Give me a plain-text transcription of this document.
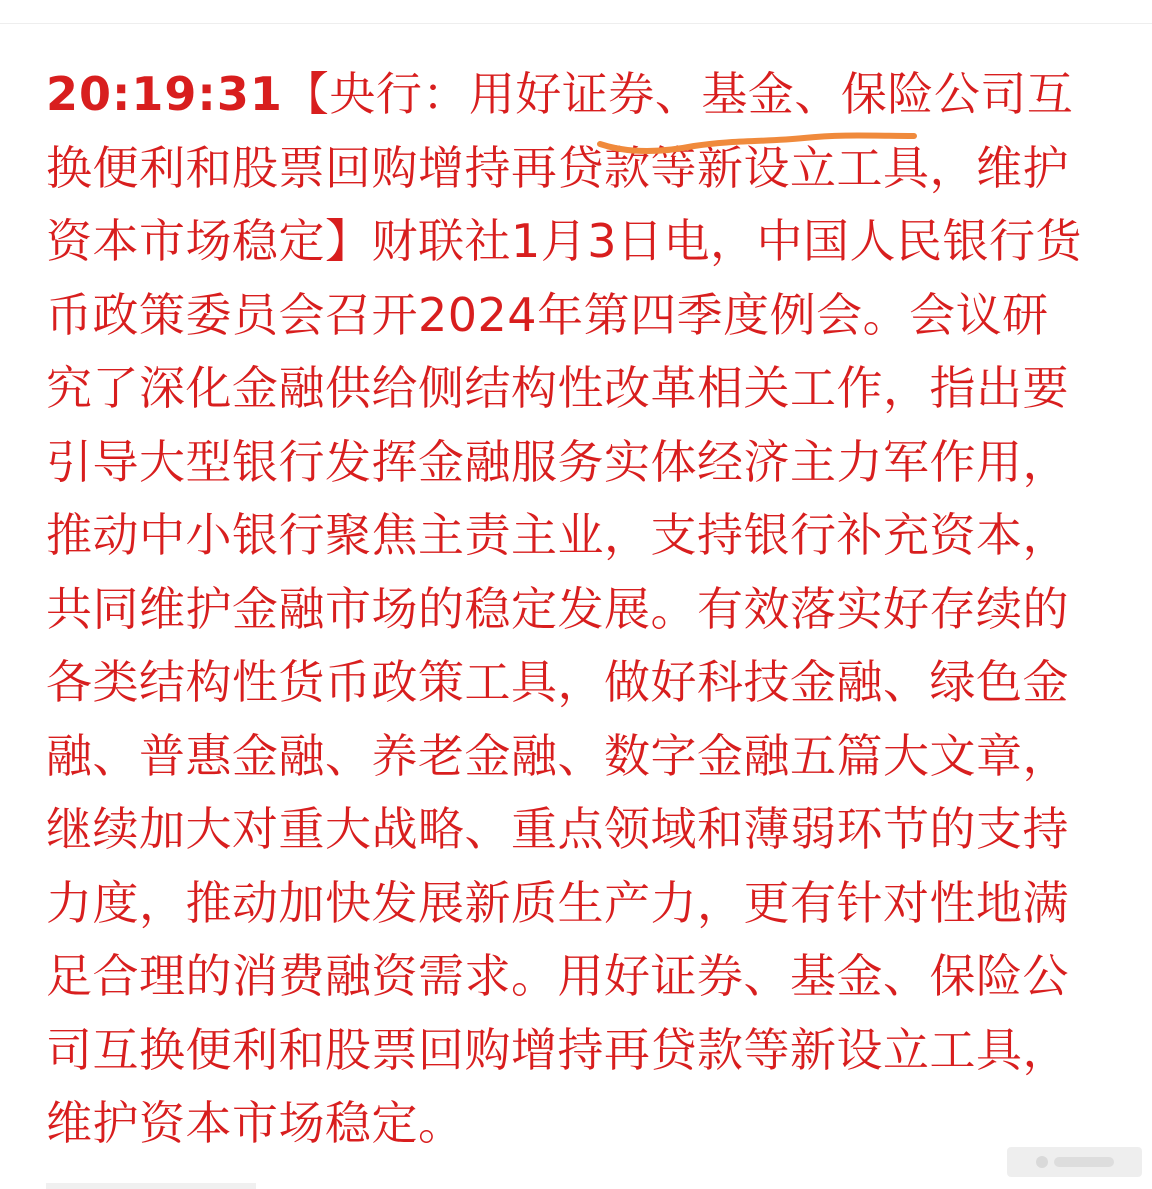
20:19:31【央行：用好证券、基金、保险公司互
换便利和股票回购增持再贷款等新设立工具，维护
资本市场稳定】财联社1月3日电，中国人民银行货
币政策委员会召开2024年第四季度例会。会议研
究了深化金融供给侧结构性改革相关工作，指出要
引导大型银行发挥金融服务实体经济主力军作用，
推动中小银行聚焦主责主业，支持银行补充资本，
共同维护金融市场的稳定发展。有效落实好存续的
各类结构性货币政策工具，做好科技金融、绿色金
融、普惠金融、养老金融、数字金融五篇大文章，
继续加大对重大战略、重点领域和薄弱环节的支持
力度，推动加快发展新质生产力，更有针对性地满
足合理的消费融资需求。用好证券、基金、保险公
司互换便利和股票回购增持再贷款等新设立工具，
维护资本市场稳定。
